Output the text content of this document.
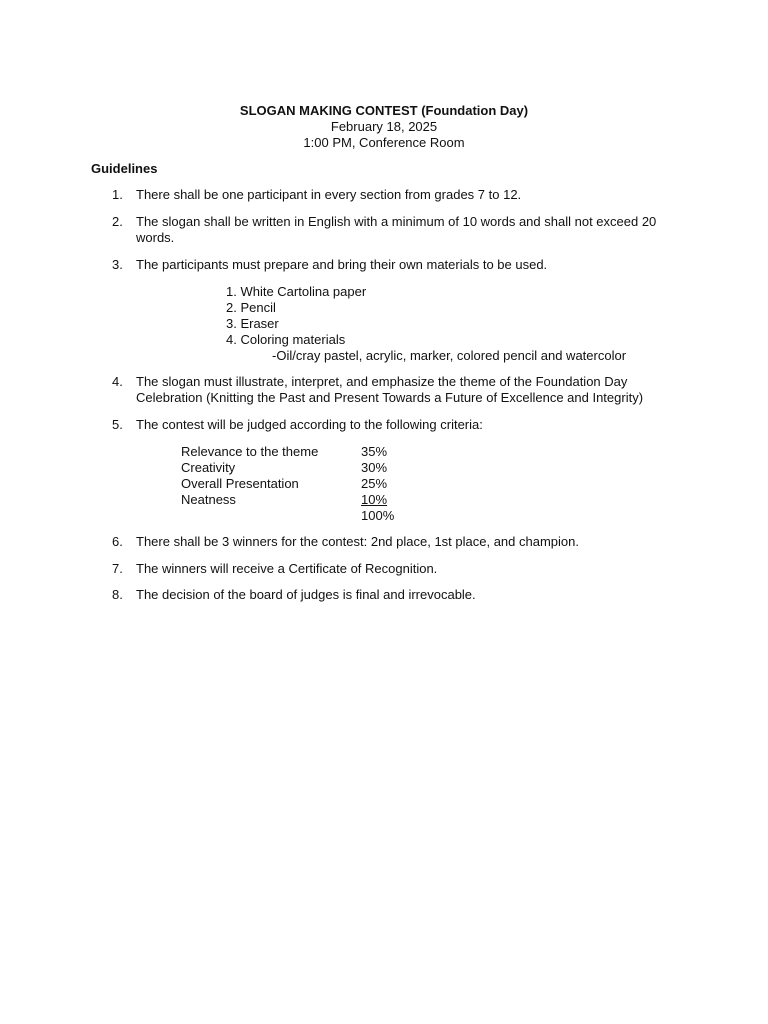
SLOGAN MAKING CONTEST (Foundation Day)
February 18, 2025
1:00 PM, Conference Room
Guidelines
1.	There shall be one participant in every section from grades 7 to 12.
2.	The slogan shall be written in English with a minimum of 10 words and shall not exceed 20 words.
3.	The participants must prepare and bring their own materials to be used.
1. White Cartolina paper
2. Pencil
3. Eraser
4. Coloring materials
-Oil/cray pastel, acrylic, marker, colored pencil and watercolor
4.	The slogan must illustrate, interpret, and emphasize the theme of the Foundation Day Celebration (Knitting the Past and Present Towards a Future of Excellence and Integrity)
5.	The contest will be judged according to the following criteria:
Relevance to the theme	35%
Creativity	30%
Overall Presentation	25%
Neatness	10%
100%
6.	There shall be 3 winners for the contest: 2nd place, 1st place, and champion.
7.	The winners will receive a Certificate of Recognition.
8.	The decision of the board of judges is final and irrevocable.
